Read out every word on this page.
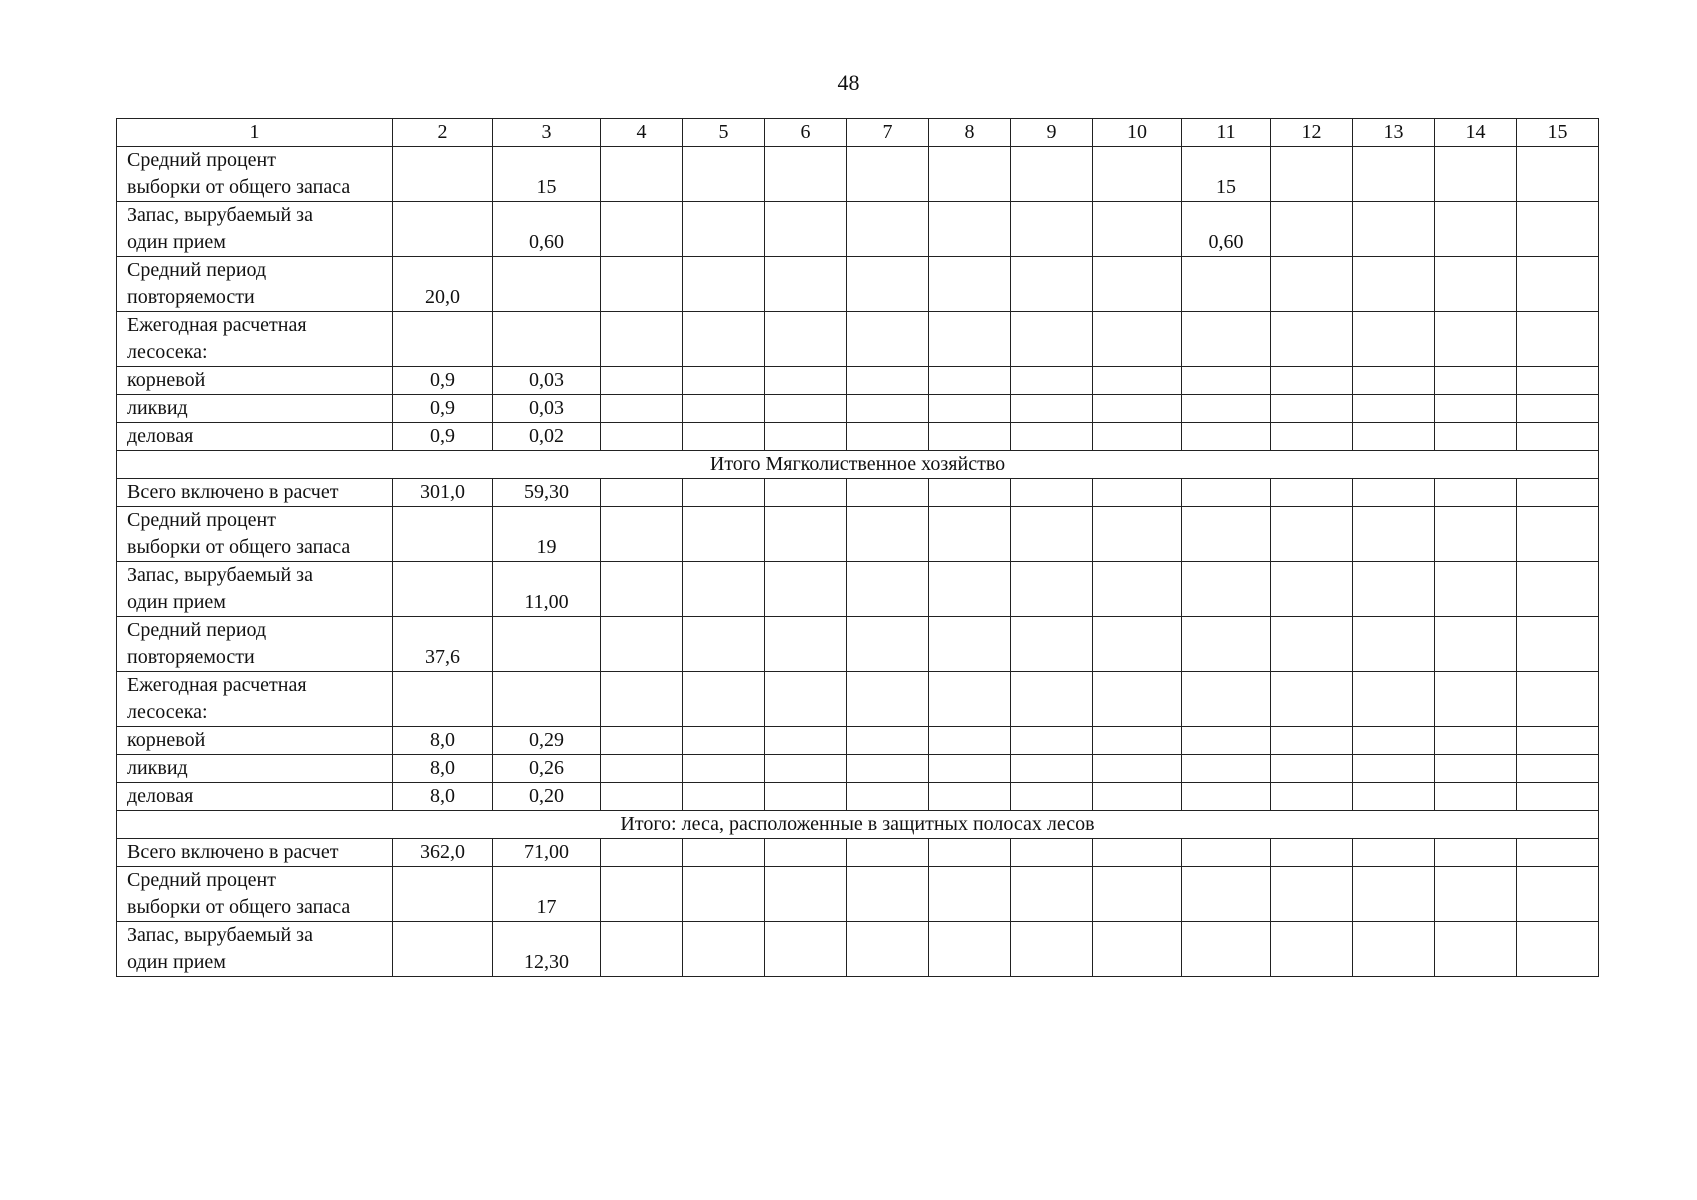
48
1	2	3	4	5	6	7	8	9	10	11	12	13	14	15

Средний процент
выборки от общего запаса		15								15				

Запас, вырубаемый за
один прием		0,60								0,60				

Средний период
повторяемости	20,0													

Ежегодная расчетная
лесосека:														

корневой	0,9	0,03												

ликвид	0,9	0,03												

деловая	0,9	0,02												
Итого Мягколиственное хозяйство														

Всего включено в расчет	301,0	59,30												

Средний процент
выборки от общего запаса		19												

Запас, вырубаемый за
один прием		11,00												

Средний период
повторяемости	37,6													

Ежегодная расчетная
лесосека:														

корневой	8,0	0,29												

ликвид	8,0	0,26												

деловая	8,0	0,20												
Итого: леса, расположенные в защитных полосах лесов														

Всего включено в расчет	362,0	71,00												

Средний процент
выборки от общего запаса		17												

Запас, вырубаемый за
один прием		12,30												
